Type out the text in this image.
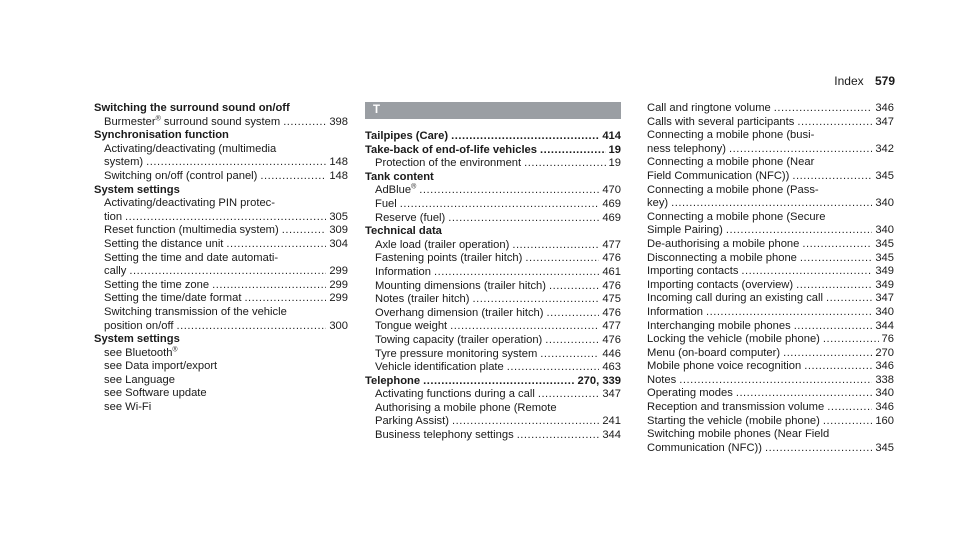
Index 579
Switching the surround sound on/off
Burmester® surround sound system . . .	398
Synchronisation function
Activating/deactivating (multimedia
system) . . .	148
Switching on/off (control panel) . . .	148
System settings
Activating/deactivating PIN protec-
tion . . .	305
Reset function (multimedia system) . . .	309
Setting the distance unit . . .	304
Setting the time and date automati-
cally . . .	299
Setting the time zone . . .	299
Setting the time/date format . . .	299
Switching transmission of the vehicle
position on/off . . .	300
System settings
see Bluetooth®
see Data import/export
see Language
see Software update
see Wi-Fi
T
Tailpipes (Care) . . .	414
Take-back of end-of-life vehicles . . .	19
Protection of the environment . . .	19
Tank content
AdBlue® . . .	470
Fuel . . .	469
Reserve (fuel) . . .	469
Technical data
Axle load (trailer operation) . . .	477
Fastening points (trailer hitch) . . .	476
Information . . .	461
Mounting dimensions (trailer hitch) . . .	476
Notes (trailer hitch) . . .	475
Overhang dimension (trailer hitch) . . .	476
Tongue weight . . .	477
Towing capacity (trailer operation) . . .	476
Tyre pressure monitoring system . . .	446
Vehicle identification plate . . .	463
Telephone . . .	270, 339
Activating functions during a call . . .	347
Authorising a mobile phone (Remote
Parking Assist) . . .	241
Business telephony settings . . .	344
Call and ringtone volume . . .	346
Calls with several participants . . .	347
Connecting a mobile phone (busi-
ness telephony) . . .	342
Connecting a mobile phone (Near
Field Communication (NFC)) . . .	345
Connecting a mobile phone (Pass-
key) . . .	340
Connecting a mobile phone (Secure
Simple Pairing) . . .	340
De-authorising a mobile phone . . .	345
Disconnecting a mobile phone . . .	345
Importing contacts . . .	349
Importing contacts (overview) . . .	349
Incoming call during an existing call . . .	347
Information . . .	340
Interchanging mobile phones . . .	344
Locking the vehicle (mobile phone) . . .	76
Menu (on-board computer) . . .	270
Mobile phone voice recognition . . .	346
Notes . . .	338
Operating modes . . .	340
Reception and transmission volume . . .	346
Starting the vehicle (mobile phone) . . .	160
Switching mobile phones (Near Field
Communication (NFC)) . . .	345
